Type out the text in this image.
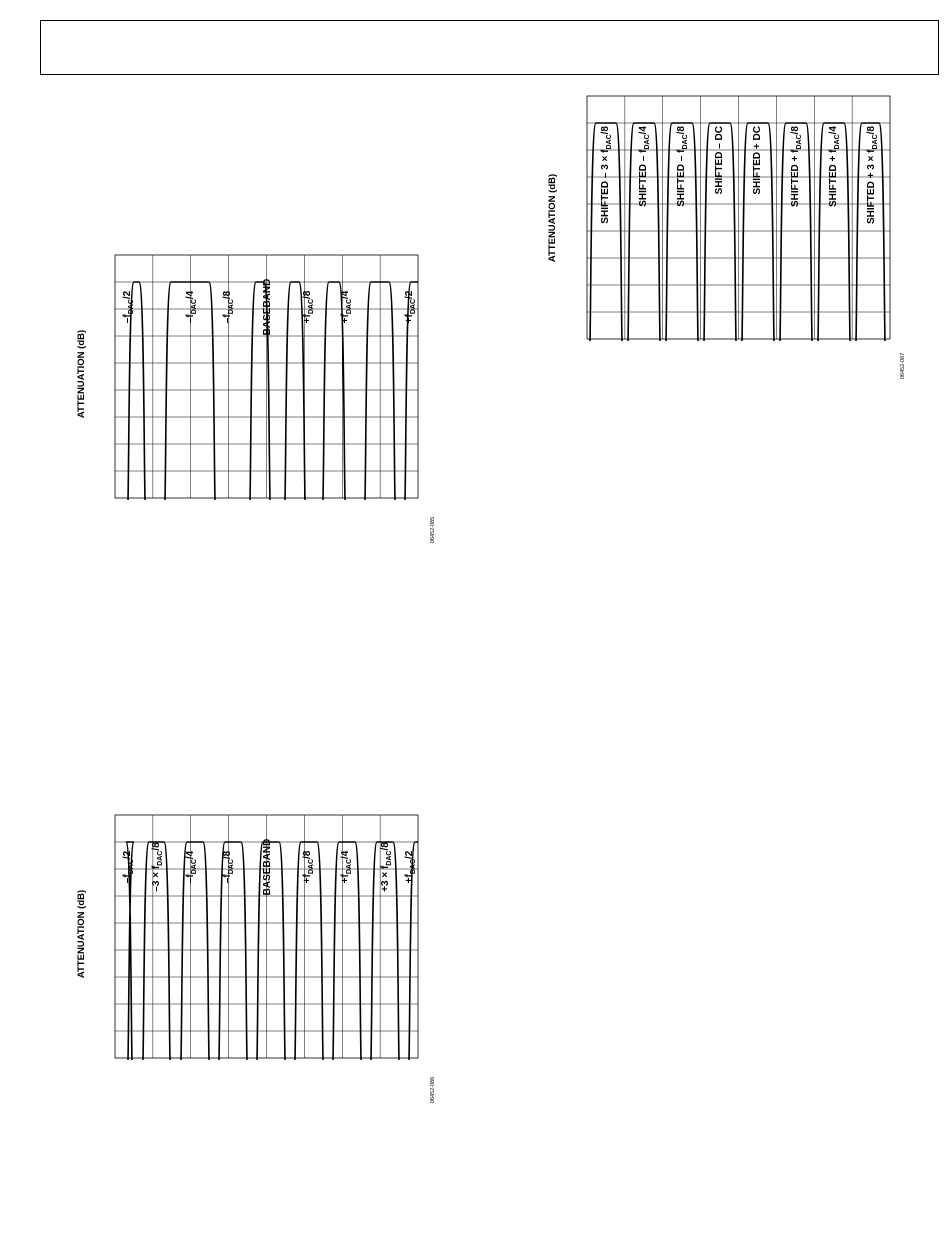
ATTENUATION (dB)
$-f_{DAC}/2$
$-f_{DAC}/4$
$-f_{DAC}/8$	BASEBAND	$+f_{DAC}/8$
$+f_{DAC}/4$
$+f_{DAC}/2$
06452-085
ATTENUATION (dB)
$-f_{DAC}/2$
$-3 \times f_{DAC}/8$
$-f_{DAC}/4$
$-f_{DAC}/8$	BASEBAND	$+f_{DAC}/8$
$+f_{DAC}/4$
$+3 \times f_{DAC}/8$
$+f_{DAC}/2$
06452-086
ATTENUATION (dB)	SHIFTED – $3 \times f_{DAC}/8$
SHIFTED – $f_{DAC}/4$
SHIFTED – $f_{DAC}/8$	SHIFTED – DC	SHIFTED + DC	SHIFTED + $f_{DAC}/8$
SHIFTED + $f_{DAC}/4$
SHIFTED + $3 \times f_{DAC}/8$
06452-087
